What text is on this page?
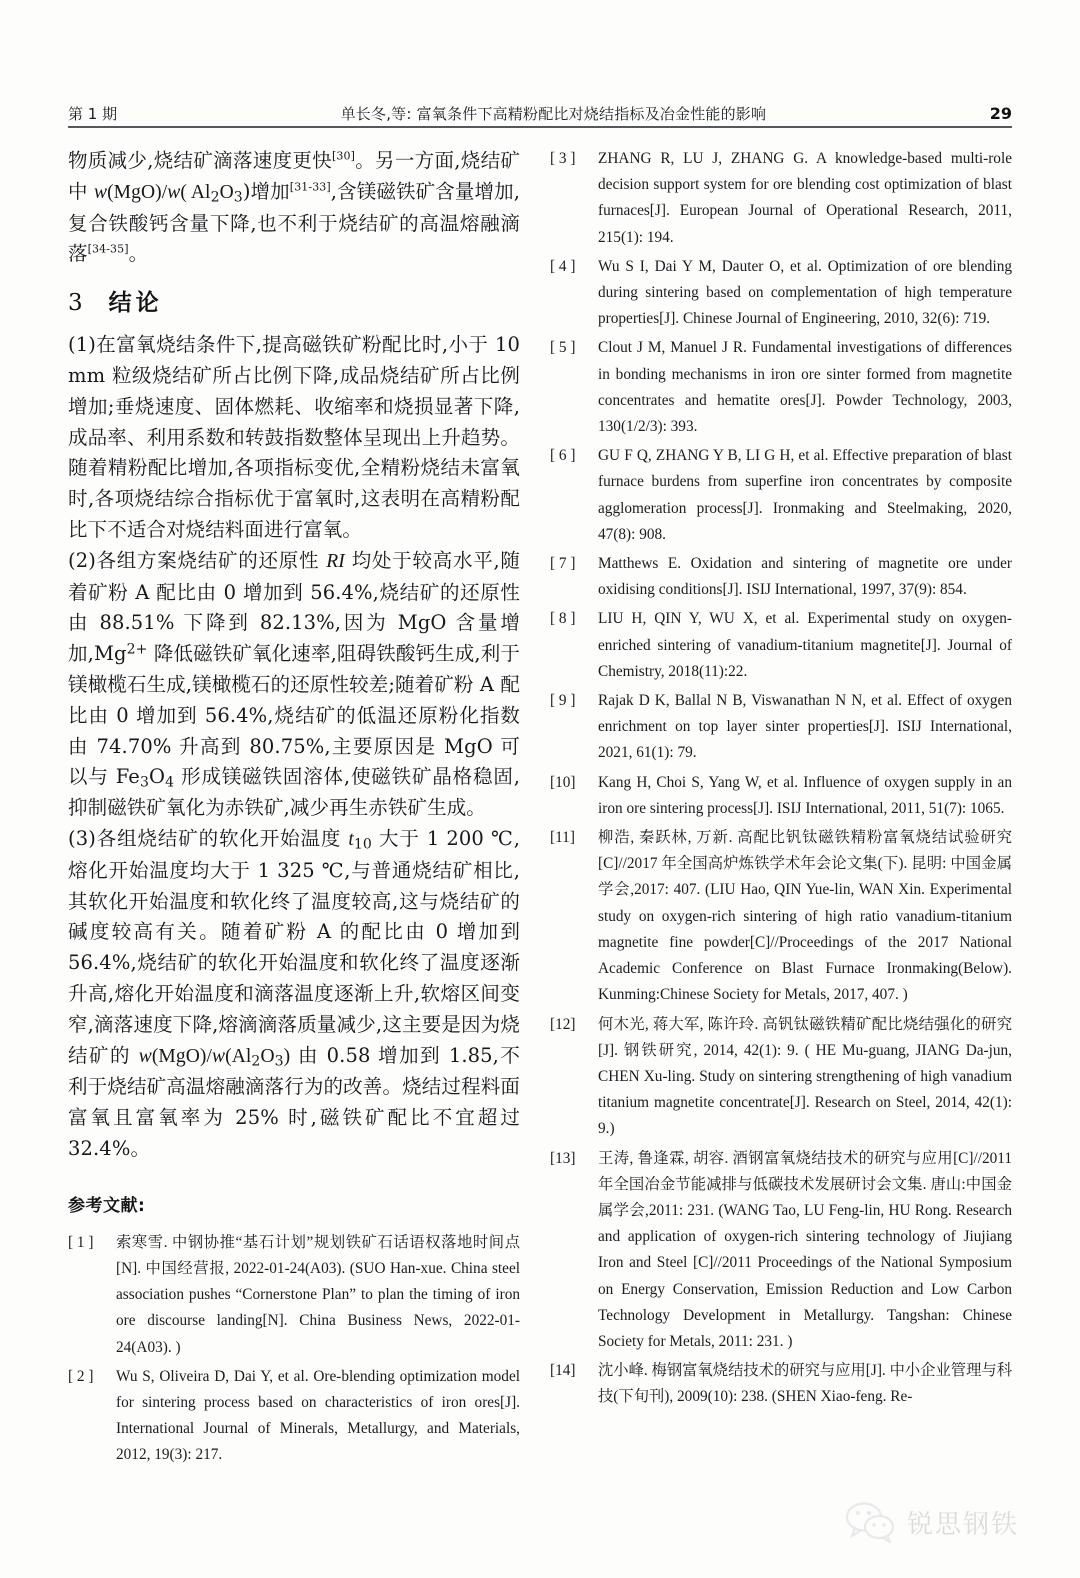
第 1 期	单长冬,等: 富氧条件下高精粉配比对烧结指标及冶金性能的影响	29

物质减少,烧结矿滴落速度更快[30]。另一方面,烧结矿中 w(MgO)/w( $Al_2O_3$)增加[31-33],含镁磁铁矿含量增加,复合铁酸钙含量下降,也不利于烧结矿的高温熔融滴落[34-35]。

3 结论

(1)在富氧烧结条件下,提高磁铁矿粉配比时,小于 10 mm 粒级烧结矿所占比例下降,成品烧结矿所占比例增加;垂烧速度、固体燃耗、收缩率和烧损显著下降,成品率、利用系数和转鼓指数整体呈现出上升趋势。随着精粉配比增加,各项指标变优,全精粉烧结未富氧时,各项烧结综合指标优于富氧时,这表明在高精粉配比下不适合对烧结料面进行富氧。

(2)各组方案烧结矿的还原性 RI 均处于较高水平,随着矿粉 A 配比由 0 增加到 56.4%,烧结矿的还原性由 88.51% 下降到 82.13%,因为 MgO 含量增加$,Mg^{2+}$ 降低磁铁矿氧化速率,阻碍铁酸钙生成,利于镁橄榄石生成,镁橄榄石的还原性较差;随着矿粉 A 配比由 0 增加到 56.4%,烧结矿的低温还原粉化指数由 74.70% 升高到 80.75%,主要原因是 MgO 可以与 $Fe_3O_4$ 形成镁磁铁固溶体,使磁铁矿晶格稳固,抑制磁铁矿氧化为赤铁矿,减少再生赤铁矿生成。

(3)各组烧结矿的软化开始温度 $t_{10}$ 大于 1 200 ℃,熔化开始温度均大于 1 325 ℃,与普通烧结矿相比,其软化开始温度和软化终了温度较高,这与烧结矿的碱度较高有关。随着矿粉 A 的配比由 0 增加到 56.4%,烧结矿的软化开始温度和软化终了温度逐渐升高,熔化开始温度和滴落温度逐渐上升,软熔区间变窄,滴落速度下降,熔滴滴落质量减少,这主要是因为烧结矿的 $w(MgO)/w(Al_2O_3)$ 由 0.58 增加到 1.85,不利于烧结矿高温熔融滴落行为的改善。烧结过程料面富氧且富氧率为 25% 时,磁铁矿配比不宜超过 32.4%。

参考文献:
[ 1 ]	索寒雪. 中钢协推“基石计划”规划铁矿石话语权落地时间点[N]. 中国经营报, 2022-01-24(A03). (SUO Han-xue. China steel association pushes “Cornerstone Plan” to plan the timing of iron ore discourse landing[N]. China Business News, 2022-01-24(A03). )
[ 2 ]	Wu S, Oliveira D, Dai Y, et al. Ore-blending optimization model for sintering process based on characteristics of iron ores[J]. International Journal of Minerals, Metallurgy, and Materials, 2012, 19(3): 217.
[ 3 ]	ZHANG R, LU J, ZHANG G. A knowledge-based multi-role decision support system for ore blending cost optimization of blast furnaces[J]. European Journal of Operational Research, 2011, 215(1): 194.
[ 4 ]	Wu S I, Dai Y M, Dauter O, et al. Optimization of ore blending during sintering based on complementation of high temperature properties[J]. Chinese Journal of Engineering, 2010, 32(6): 719.
[ 5 ]	Clout J M, Manuel J R. Fundamental investigations of differences in bonding mechanisms in iron ore sinter formed from magnetite concentrates and hematite ores[J]. Powder Technology, 2003, 130(1/2/3): 393.
[ 6 ]	GU F Q, ZHANG Y B, LI G H, et al. Effective preparation of blast furnace burdens from superfine iron concentrates by composite agglomeration process[J]. Ironmaking and Steelmaking, 2020, 47(8): 908.
[ 7 ]	Matthews E. Oxidation and sintering of magnetite ore under oxidising conditions[J]. ISIJ International, 1997, 37(9): 854.
[ 8 ]	LIU H, QIN Y, WU X, et al. Experimental study on oxygen-enriched sintering of vanadium-titanium magnetite[J]. Journal of Chemistry, 2018(11):22.
[ 9 ]	Rajak D K, Ballal N B, Viswanathan N N, et al. Effect of oxygen enrichment on top layer sinter properties[J]. ISIJ International, 2021, 61(1): 79.
[10]	Kang H, Choi S, Yang W, et al. Influence of oxygen supply in an iron ore sintering process[J]. ISIJ International, 2011, 51(7): 1065.
[11]	柳浩, 秦跃林, 万新. 高配比钒钛磁铁精粉富氧烧结试验研究[C]//2017 年全国高炉炼铁学术年会论文集(下). 昆明: 中国金属学会,2017: 407. (LIU Hao, QIN Yue-lin, WAN Xin. Experimental study on oxygen-rich sintering of high ratio vanadium-titanium magnetite fine powder[C]//Proceedings of the 2017 National Academic Conference on Blast Furnace Ironmaking(Below). Kunming:Chinese Society for Metals, 2017, 407. )
[12]	何木光, 蒋大军, 陈许玲. 高钒钛磁铁精矿配比烧结强化的研究[J]. 钢铁研究, 2014, 42(1): 9. ( HE Mu-guang, JIANG Da-jun, CHEN Xu-ling. Study on sintering strengthening of high vanadium titanium magnetite concentrate[J]. Research on Steel, 2014, 42(1): 9.)
[13]	王涛, 鲁逢霖, 胡容. 酒钢富氧烧结技术的研究与应用[C]//2011 年全国冶金节能减排与低碳技术发展研讨会文集. 唐山:中国金属学会,2011: 231. (WANG Tao, LU Feng-lin, HU Rong. Research and application of oxygen-rich sintering technology of Jiujiang Iron and Steel [C]//2011 Proceedings of the National Symposium on Energy Conservation, Emission Reduction and Low Carbon Technology Development in Metallurgy. Tangshan: Chinese Society for Metals, 2011: 231. )
[14]	沈小峰. 梅钢富氧烧结技术的研究与应用[J]. 中小企业管理与科技(下旬刊), 2009(10): 238. (SHEN Xiao-feng. Re-
锐思钢铁
